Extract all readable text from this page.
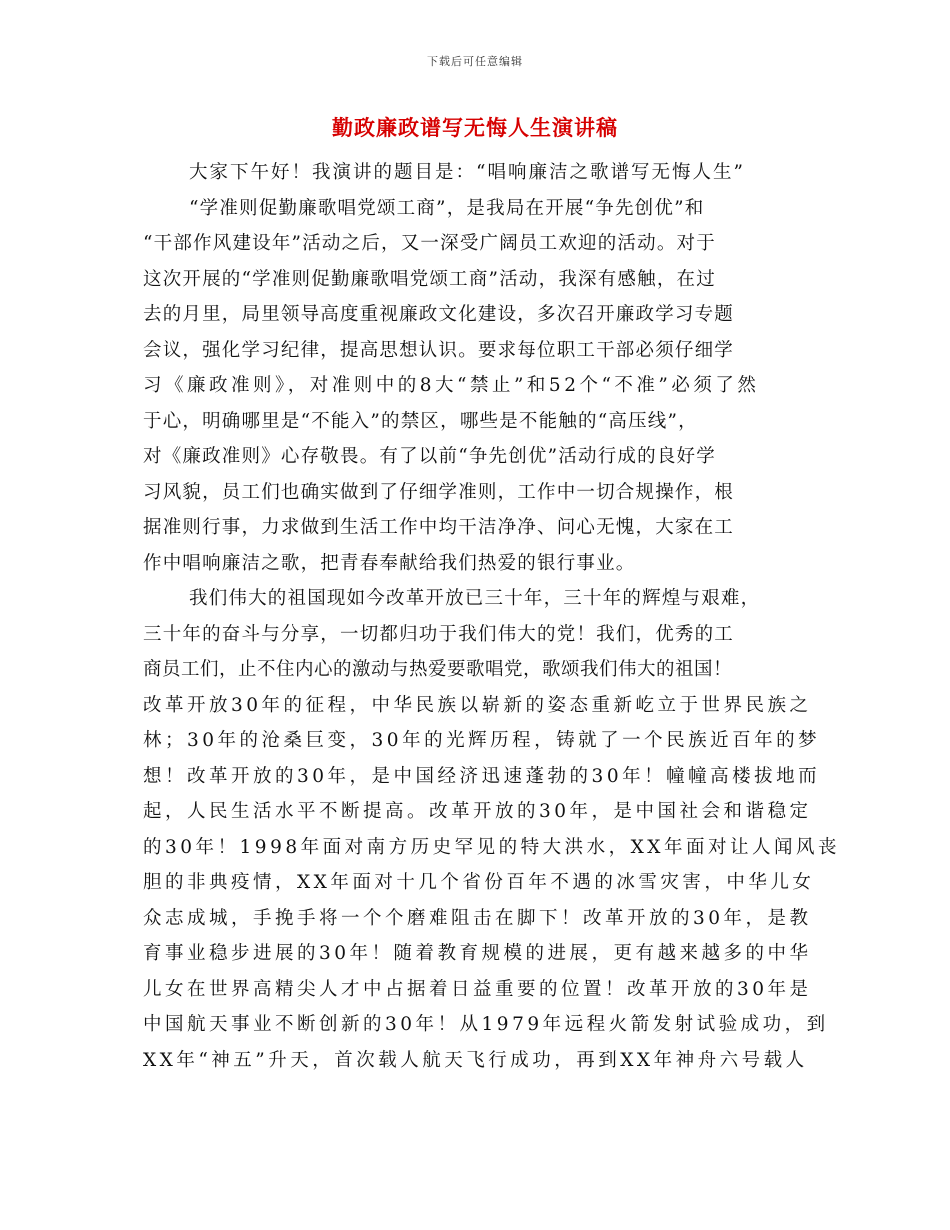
下载后可任意编辑
勤政廉政谱写无悔人生演讲稿
大家下午好！我演讲的题目是：“唱响廉洁之歌谱写无悔人生”
“学准则促勤廉歌唱党颂工商”，是我局在开展“争先创优”和
“干部作风建设年”活动之后，又一深受广阔员工欢迎的活动。对于
这次开展的“学准则促勤廉歌唱党颂工商”活动，我深有感触，在过
去的月里，局里领导高度重视廉政文化建设，多次召开廉政学习专题
会议，强化学习纪律，提高思想认识。要求每位职工干部必须仔细学
习《廉政准则》，对准则中的8大“禁止”和52个“不准”必须了然
于心，明确哪里是“不能入”的禁区，哪些是不能触的“高压线”，
对《廉政准则》心存敬畏。有了以前“争先创优”活动行成的良好学
习风貌，员工们也确实做到了仔细学准则，工作中一切合规操作，根
据准则行事，力求做到生活工作中均干洁净净、问心无愧，大家在工
作中唱响廉洁之歌，把青春奉献给我们热爱的银行事业。
我们伟大的祖国现如今改革开放已三十年，三十年的辉煌与艰难，
三十年的奋斗与分享，一切都归功于我们伟大的党！我们，优秀的工
商员工们，止不住内心的激动与热爱要歌唱党，歌颂我们伟大的祖国！
改革开放30年的征程，中华民族以崭新的姿态重新屹立于世界民族之
林；30年的沧桑巨变，30年的光辉历程，铸就了一个民族近百年的梦
想！改革开放的30年，是中国经济迅速蓬勃的30年！幢幢高楼拔地而
起，人民生活水平不断提高。改革开放的30年，是中国社会和谐稳定
的30年！1998年面对南方历史罕见的特大洪水，XX年面对让人闻风丧
胆的非典疫情，XX年面对十几个省份百年不遇的冰雪灾害，中华儿女
众志成城，手挽手将一个个磨难阻击在脚下！改革开放的30年，是教
育事业稳步进展的30年！随着教育规模的进展，更有越来越多的中华
儿女在世界高精尖人才中占据着日益重要的位置！改革开放的30年是
中国航天事业不断创新的30年！从1979年远程火箭发射试验成功，到
XX年“神五”升天，首次载人航天飞行成功，再到XX年神舟六号载人
